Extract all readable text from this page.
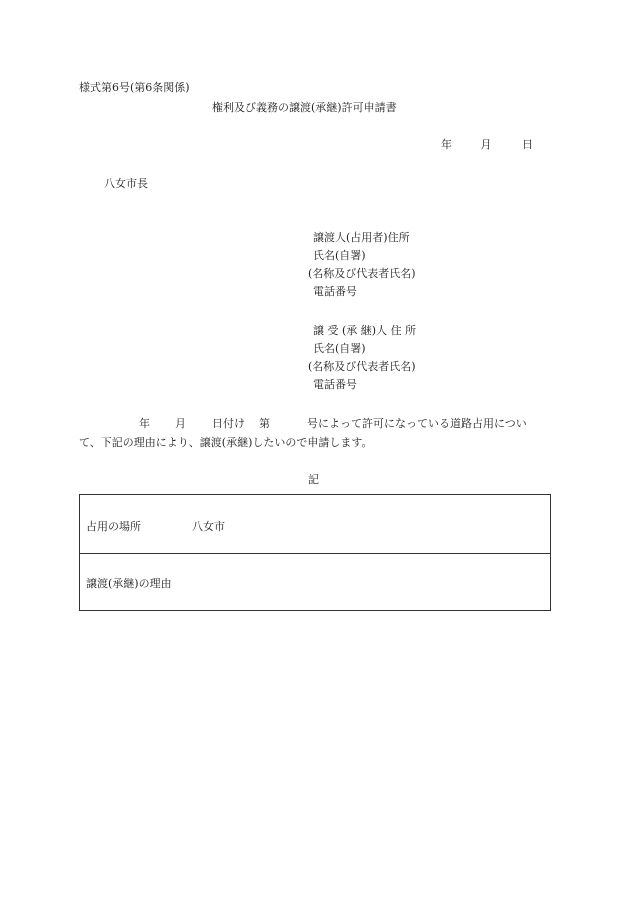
様式第6号(第6条関係)
権利及び義務の譲渡(承継)許可申請書
年	月	日
八女市長
譲渡人(占用者)住所
氏名(自署)
(名称及び代表者氏名)
電話番号
譲 受 (承 継)人 住 所
氏名(自署)
(名称及び代表者氏名)
電話番号
年 月 日付け 第	号によって許可になっている道路占用につい
て、下記の理由により、譲渡(承継)したいので申請します。
記
占用の場所	八女市
譲渡(承継)の理由
